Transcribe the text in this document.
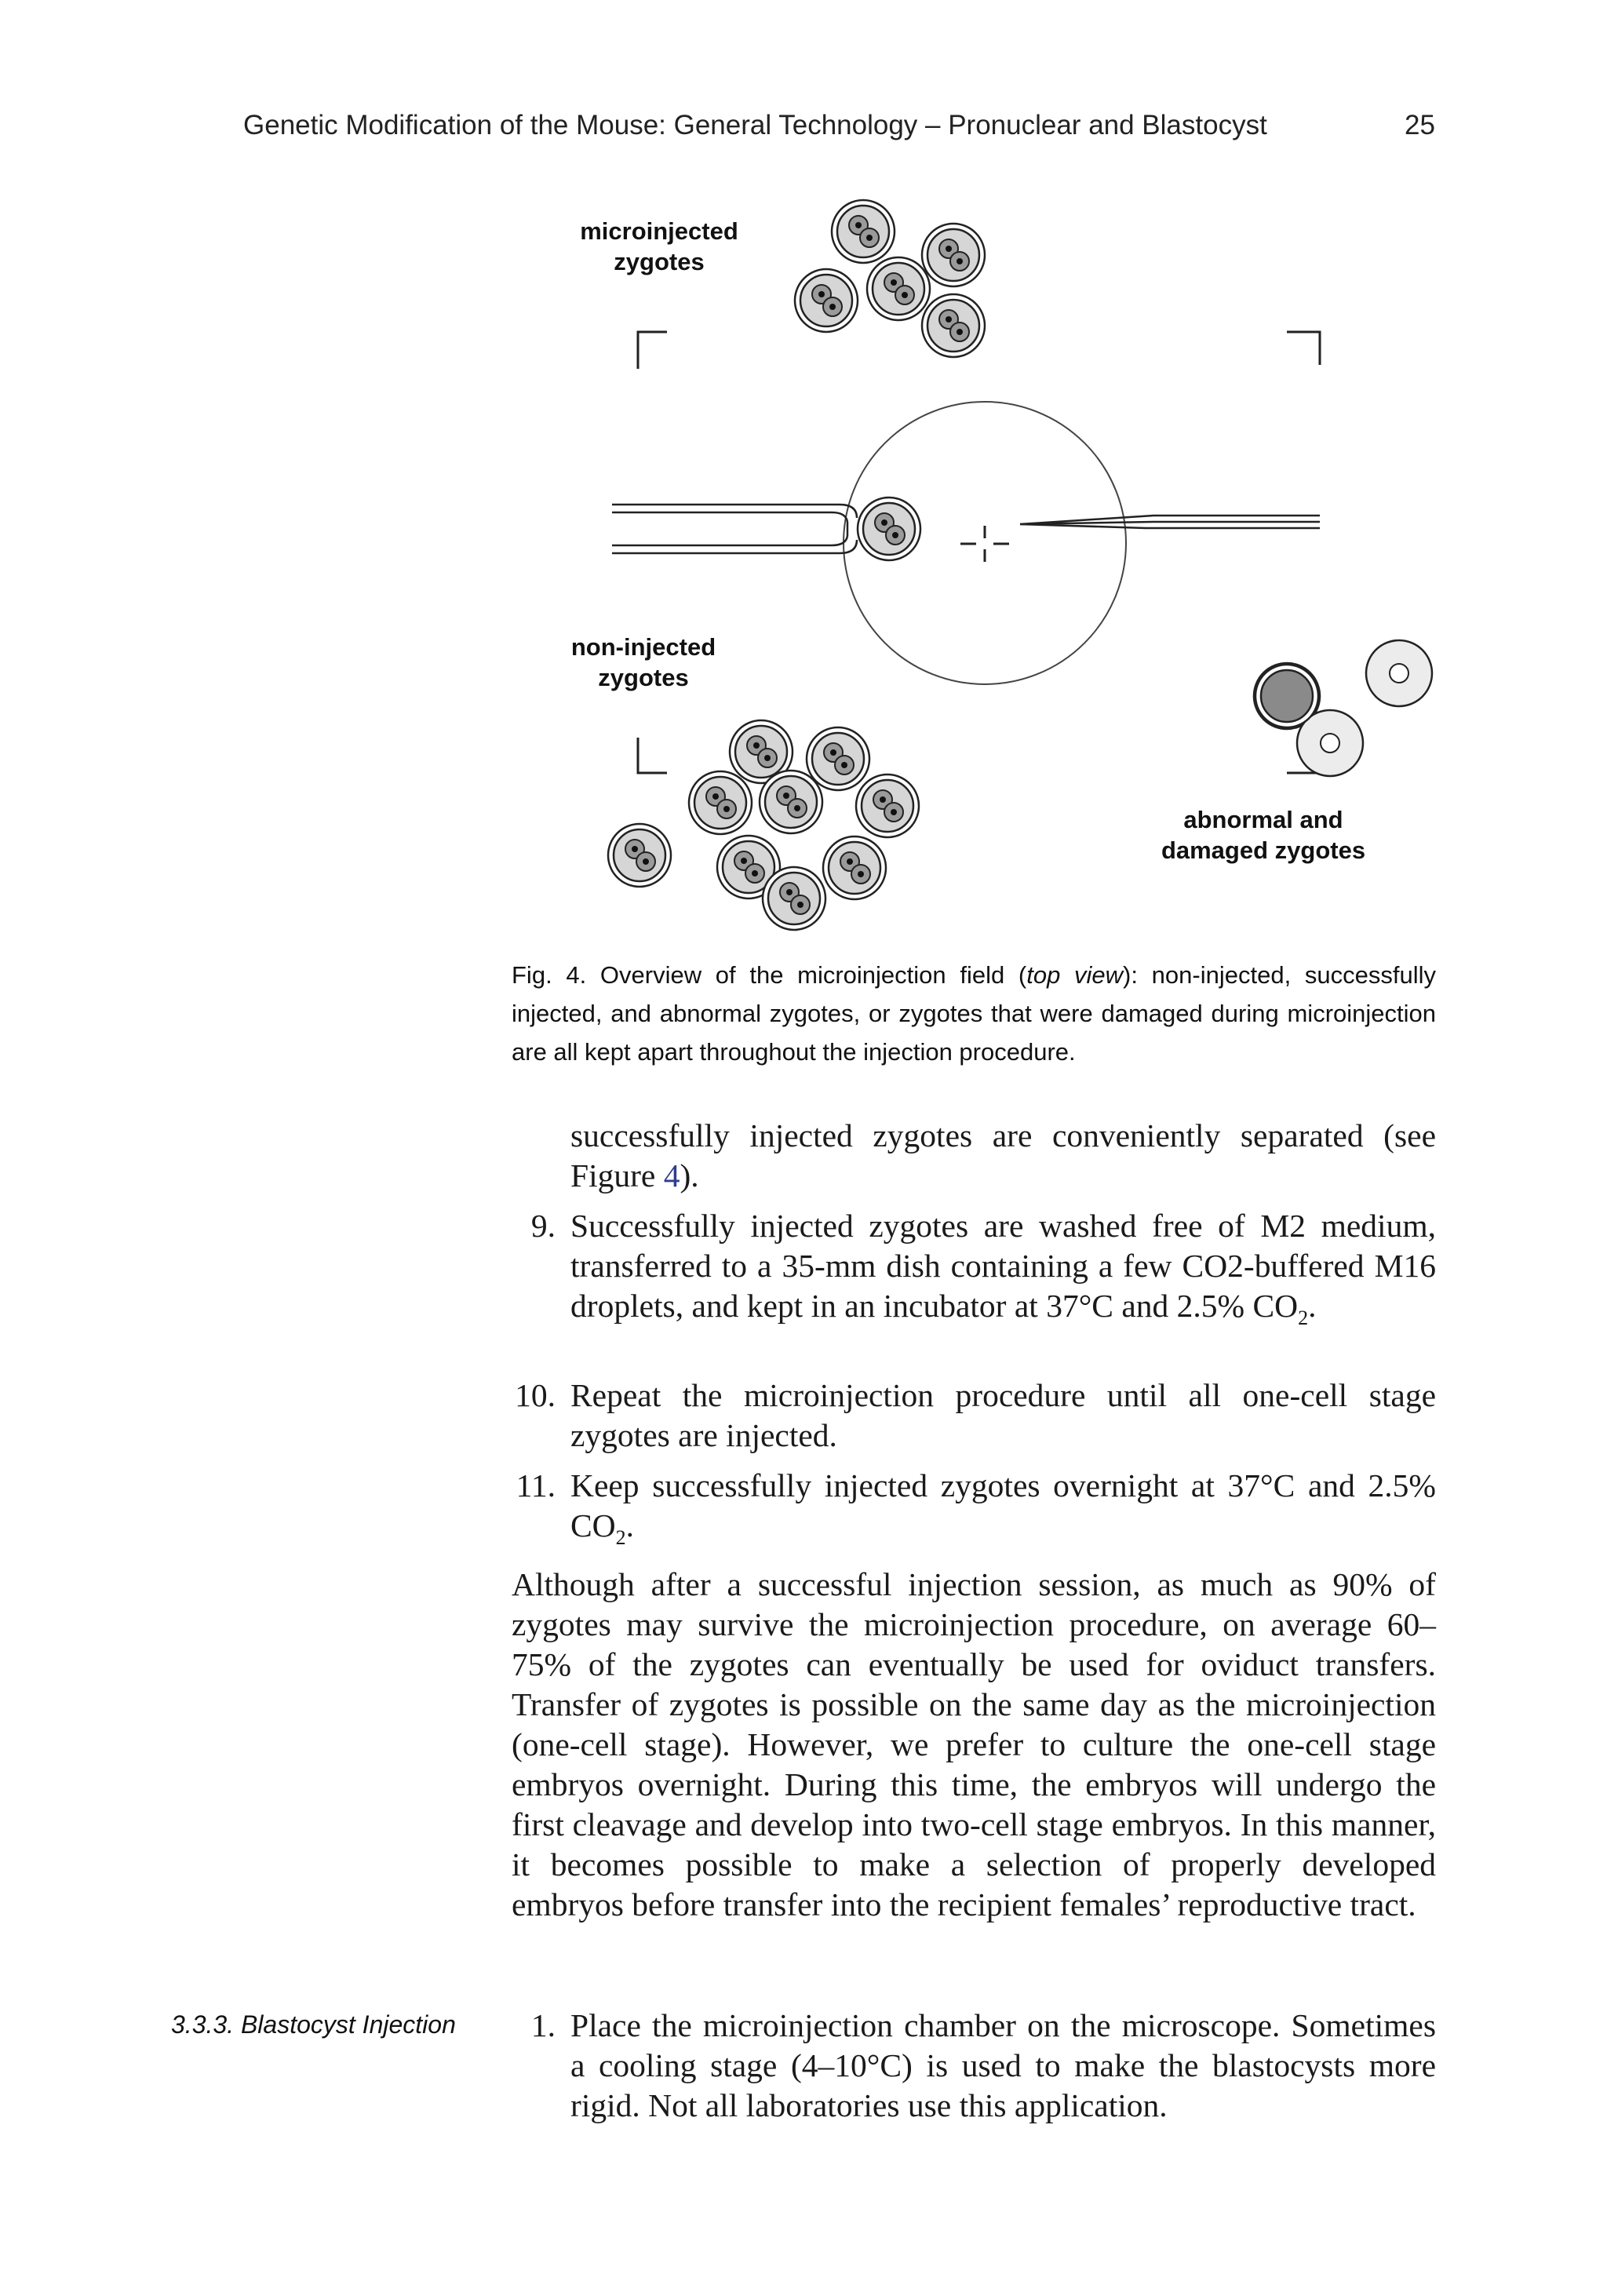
Genetic Modification of the Mouse: General Technology – Pronuclear and Blastocyst	25
microinjected
zygotes
non-injected
zygotes
abnormal and
damaged zygotes
Fig. 4. Overview of the microinjection field (top view): non-injected, successfully injected, and abnormal zygotes, or zygotes that were damaged during microinjection are all kept apart throughout the injection procedure.
successfully injected zygotes are conveniently separated (see Figure 4).
9. Successfully injected zygotes are washed free of M2 medium, transferred to a 35-mm dish containing a few CO2-buffered M16 droplets, and kept in an incubator at 37°C and 2.5% $CO_2$.
10. Repeat the microinjection procedure until all one-cell stage zygotes are injected.
11. Keep successfully injected zygotes overnight at 37°C and 2.5% $CO_2$.
Although after a successful injection session, as much as 90% of zygotes may survive the microinjection procedure, on average 60–75% of the zygotes can eventually be used for oviduct transfers. Transfer of zygotes is possible on the same day as the microinjection (one-cell stage). However, we prefer to culture the one-cell stage embryos overnight. During this time, the embryos will undergo the first cleavage and develop into two-cell stage embryos. In this manner, it becomes possible to make a selection of properly developed embryos before transfer into the recipient females’ reproductive tract.
3.3.3. Blastocyst Injection	1. Place the microinjection chamber on the microscope. Sometimes a cooling stage (4–10°C) is used to make the blastocysts more rigid. Not all laboratories use this application.
